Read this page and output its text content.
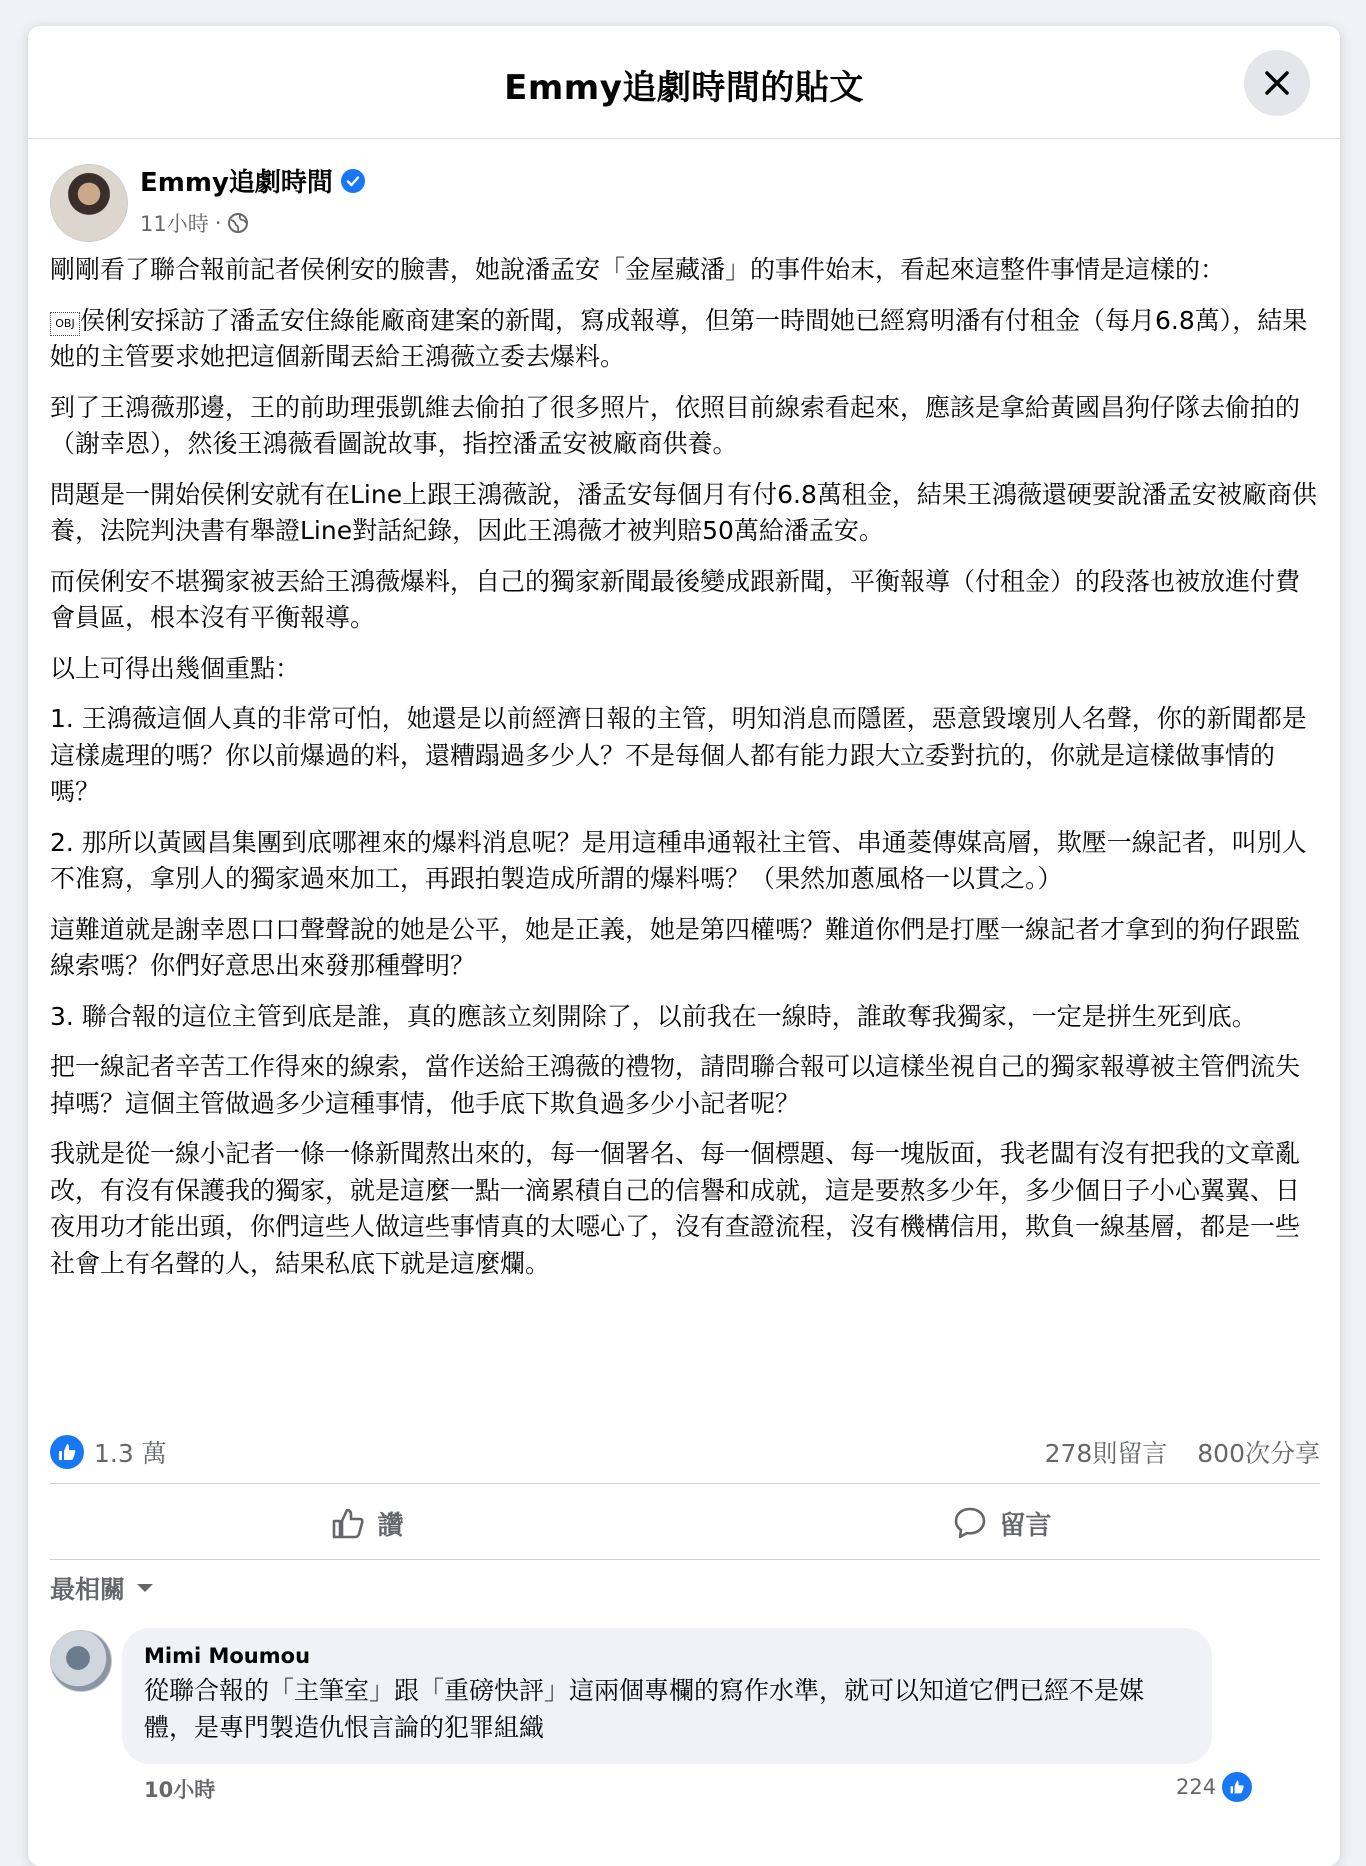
Emmy追劇時間的貼文
Emmy追劇時間
11小時 ·

剛剛看了聯合報前記者侯俐安的臉書，她說潘孟安「金屋藏潘」的事件始末，看起來這整件事情是這樣的：

OBJ 侯俐安採訪了潘孟安住綠能廠商建案的新聞，寫成報導，但第一時間她已經寫明潘有付租金（每月6.8萬），結果她的主管要求她把這個新聞丟給王鴻薇立委去爆料。

到了王鴻薇那邊，王的前助理張凱維去偷拍了很多照片，依照目前線索看起來，應該是拿給黃國昌狗仔隊去偷拍的（謝幸恩），然後王鴻薇看圖說故事，指控潘孟安被廠商供養。

問題是一開始侯俐安就有在Line上跟王鴻薇說，潘孟安每個月有付6.8萬租金，結果王鴻薇還硬要說潘孟安被廠商供養，法院判決書有舉證Line對話紀錄，因此王鴻薇才被判賠50萬給潘孟安。

而侯俐安不堪獨家被丟給王鴻薇爆料，自己的獨家新聞最後變成跟新聞，平衡報導（付租金）的段落也被放進付費會員區，根本沒有平衡報導。

以上可得出幾個重點：

1. 王鴻薇這個人真的非常可怕，她還是以前經濟日報的主管，明知消息而隱匿，惡意毀壞別人名聲，你的新聞都是這樣處理的嗎？你以前爆過的料，還糟蹋過多少人？不是每個人都有能力跟大立委對抗的，你就是這樣做事情的嗎？

2. 那所以黃國昌集團到底哪裡來的爆料消息呢？是用這種串通報社主管、串通菱傳媒高層，欺壓一線記者，叫別人不准寫，拿別人的獨家過來加工，再跟拍製造成所謂的爆料嗎？（果然加蔥風格一以貫之。）

這難道就是謝幸恩口口聲聲說的她是公平，她是正義，她是第四權嗎？難道你們是打壓一線記者才拿到的狗仔跟監線索嗎？你們好意思出來發那種聲明？

3. 聯合報的這位主管到底是誰，真的應該立刻開除了，以前我在一線時，誰敢奪我獨家，一定是拼生死到底。

把一線記者辛苦工作得來的線索，當作送給王鴻薇的禮物，請問聯合報可以這樣坐視自己的獨家報導被主管們流失掉嗎？這個主管做過多少這種事情，他手底下欺負過多少小記者呢？

我就是從一線小記者一條一條新聞熬出來的，每一個署名、每一個標題、每一塊版面，我老闆有沒有把我的文章亂改，有沒有保護我的獨家，就是這麼一點一滴累積自己的信譽和成就，這是要熬多少年，多少個日子小心翼翼、日夜用功才能出頭，你們這些人做這些事情真的太噁心了，沒有查證流程，沒有機構信用，欺負一線基層，都是一些社會上有名聲的人，結果私底下就是這麼爛。

1.3 萬	278則留言 800次分享
讚	留言
最相關
Mimi Moumou
從聯合報的「主筆室」跟「重磅快評」這兩個專欄的寫作水準，就可以知道它們已經不是媒體，是專門製造仇恨言論的犯罪組織
10小時	224
